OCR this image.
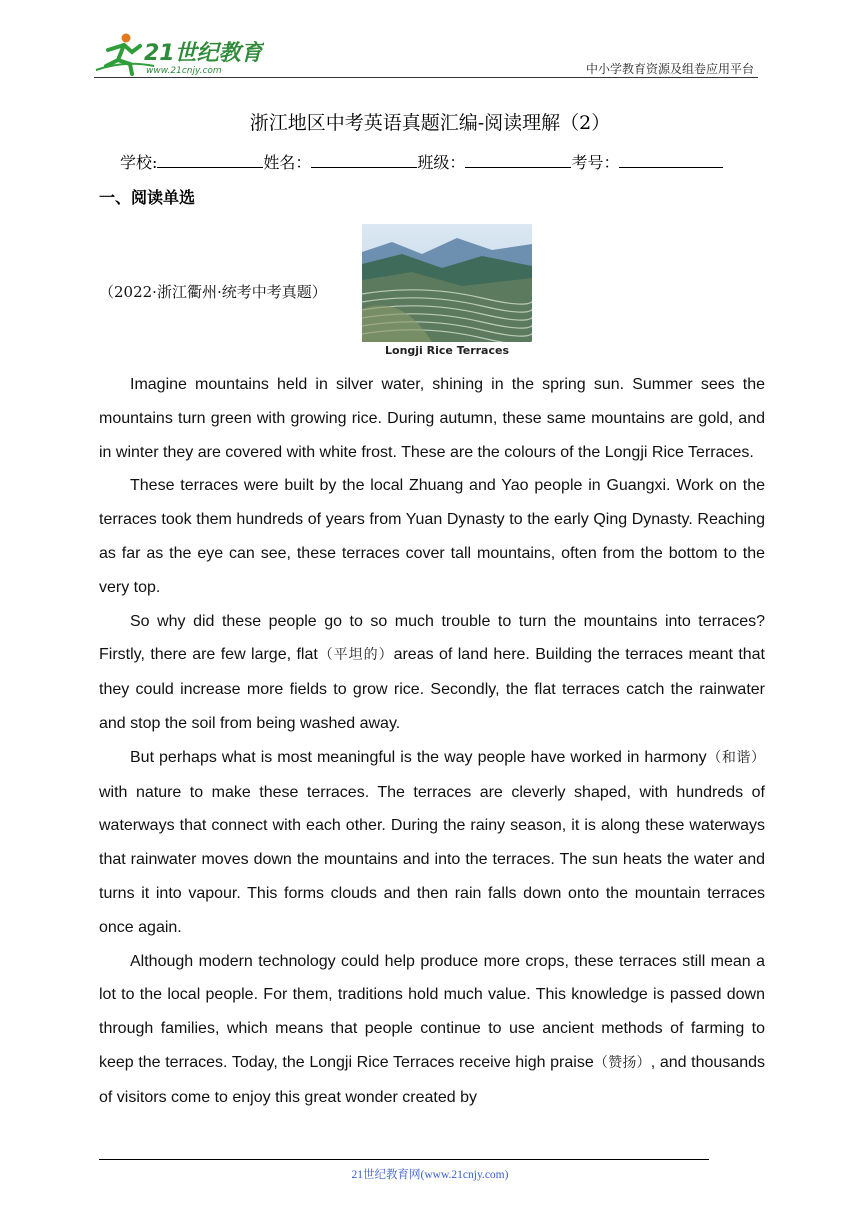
21世纪教育
www.21cnjy.com	中小学教育资源及组卷应用平台
浙江地区中考英语真题汇编-阅读理解（2）
学校:	姓名：	班级：	考号：
一、阅读单选
（2022·浙江衢州·统考中考真题）
Longji Rice Terraces

Imagine mountains held in silver water, shining in the spring sun. Summer sees the mountains turn green with growing rice. During autumn, these same mountains are gold, and in winter they are covered with white frost. These are the colours of the Longji Rice Terraces.

These terraces were built by the local Zhuang and Yao people in Guangxi. Work on the terraces took them hundreds of years from Yuan Dynasty to the early Qing Dynasty. Reaching as far as the eye can see, these terraces cover tall mountains, often from the bottom to the very top.

So why did these people go to so much trouble to turn the mountains into terraces? Firstly, there are few large, flat（平坦的）areas of land here. Building the terraces meant that they could increase more fields to grow rice. Secondly, the flat terraces catch the rainwater and stop the soil from being washed away.

But perhaps what is most meaningful is the way people have worked in harmony（和谐）with nature to make these terraces. The terraces are cleverly shaped, with hundreds of waterways that connect with each other. During the rainy season, it is along these waterways that rainwater moves down the mountains and into the terraces. The sun heats the water and turns it into vapour. This forms clouds and then rain falls down onto the mountain terraces once again.

Although modern technology could help produce more crops, these terraces still mean a lot to the local people. For them, traditions hold much value. This knowledge is passed down through families, which means that people continue to use ancient methods of farming to keep the terraces. Today, the Longji Rice Terraces receive high praise（赞扬）, and thousands of visitors come to enjoy this great wonder created by

21世纪教育网(www.21cnjy.com)
